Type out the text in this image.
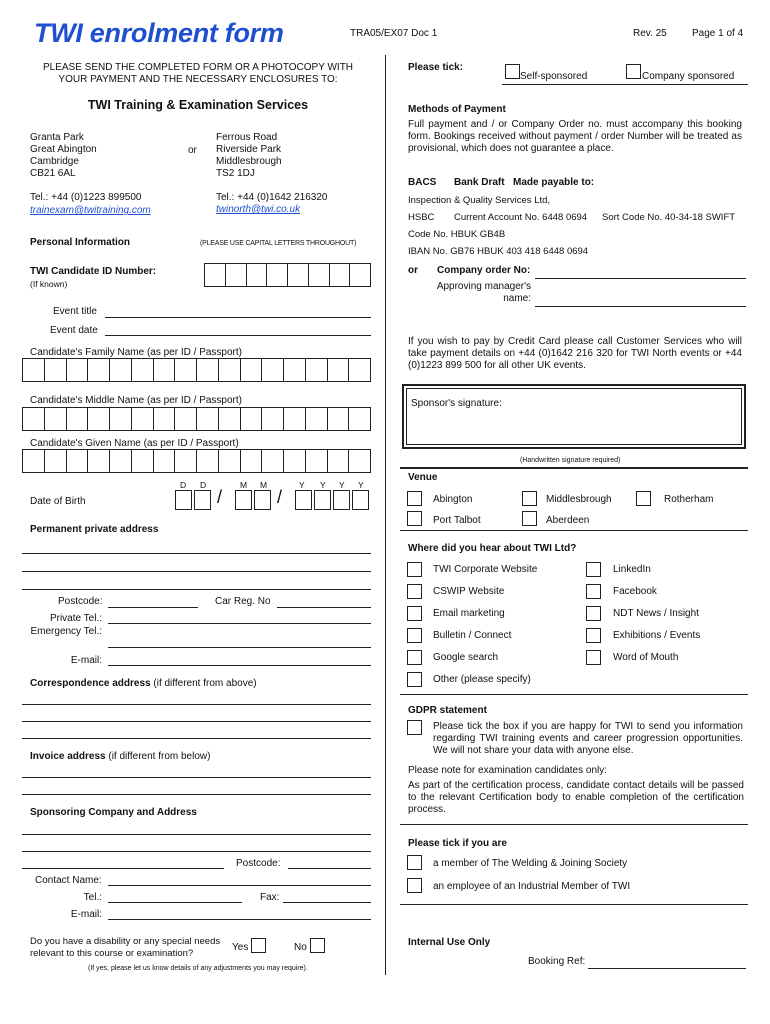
TWI enrolment form	TRA05/EX07 Doc 1	Rev. 25	Page 1 of 4
PLEASE SEND THE COMPLETED FORM OR A PHOTOCOPY WITH YOUR PAYMENT AND THE NECESSARY ENCLOSURES TO:
TWI Training & Examination Services
Granta Park
Great Abington
Cambridge
CB21 6AL
or
Ferrous Road
Riverside Park
Middlesbrough
TS2 1DJ
Tel.: +44 (0)1223 899500
trainexam@twitraining.com
Tel.: +44 (0)1642 216320
twinorth@twi.co.uk
Personal Information	(PLEASE USE CAPITAL LETTERS THROUGHOUT)
TWI Candidate ID Number:
(If known)
Event title
Event date
Candidate's Family Name (as per ID / Passport)
Candidate's Middle Name (as per ID / Passport)
Candidate's Given Name (as per ID / Passport)
D D	M M	Y Y Y Y
Date of Birth	/	/
Permanent private address
Postcode:	Car Reg. No
Private Tel.:
Emergency Tel.:
E-mail:
Correspondence address (if different from above)
Invoice address (if different from below)
Sponsoring Company and Address
Postcode:
Contact Name:
Tel.:	Fax:
E-mail:
Do you have a disability or any special needs relevant to this course or examination?	Yes	No
(If yes, please let us know details of any adjustments you may require).
Please tick:
Self-sponsored	Company sponsored
Methods of Payment
Full payment and / or Company Order no. must accompany this booking form. Bookings received without payment / order Number will be treated as provisional, which does not guarantee a place.
BACS Bank Draft Made payable to:
Inspection & Quality Services Ltd,
HSBC Current Account No. 6448 0694 Sort Code No. 40-34-18 SWIFT
Code No. HBUK GB4B
IBAN No. GB76 HBUK 403 418 6448 0694
or Company order No:
Approving manager's name:
If you wish to pay by Credit Card please call Customer Services who will take payment details on +44 (0)1642 216 320 for TWI North events or +44 (0)1223 899 500 for all other UK events.
Sponsor's signature:
(Handwritten signature required)
Venue
Abington	Middlesbrough	Rotherham
Port Talbot	Aberdeen
Where did you hear about TWI Ltd?
TWI Corporate Website	LinkedIn
CSWIP Website	Facebook
Email marketing	NDT News / Insight
Bulletin / Connect	Exhibitions / Events
Google search	Word of Mouth
Other (please specify)
GDPR statement
Please tick the box if you are happy for TWI to send you information regarding TWI training events and career progression opportunities. We will not share your data with anyone else.
Please note for examination candidates only:
As part of the certification process, candidate contact details will be passed to the relevant Certification body to enable completion of the certification process.
Please tick if you are
a member of The Welding & Joining Society
an employee of an Industrial Member of TWI
Internal Use Only
Booking Ref:
